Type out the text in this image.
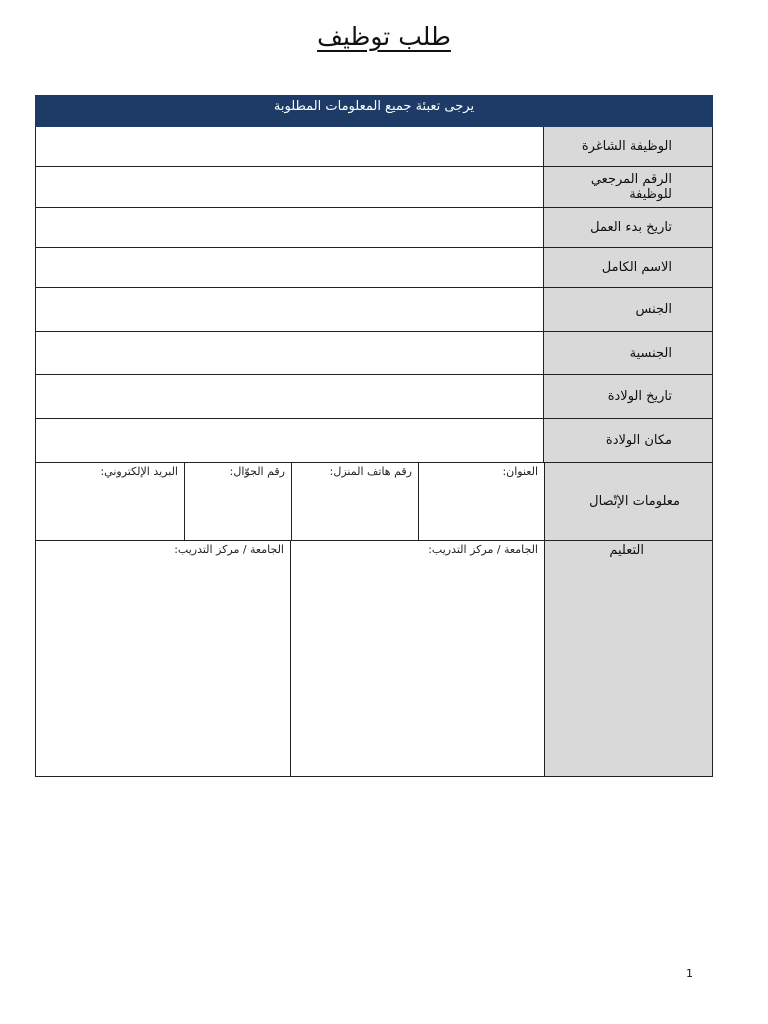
طلب توظيف
يرجى تعبئة جميع المعلومات المطلوبة
الوظيفة الشاغرة
الرقم المرجعي للوظيفة
تاريخ بدء العمل
الاسم الكامل
الجنس
الجنسية
تاريخ الولادة
مكان الولادة
العنوان:
رقم هاتف المنزل:
رقم الجوّال:
البريد الإلكتروني:
معلومات الإتّصال
الجامعة / مركز التدريب:
الجامعة / مركز التدريب:	التعليم
1
